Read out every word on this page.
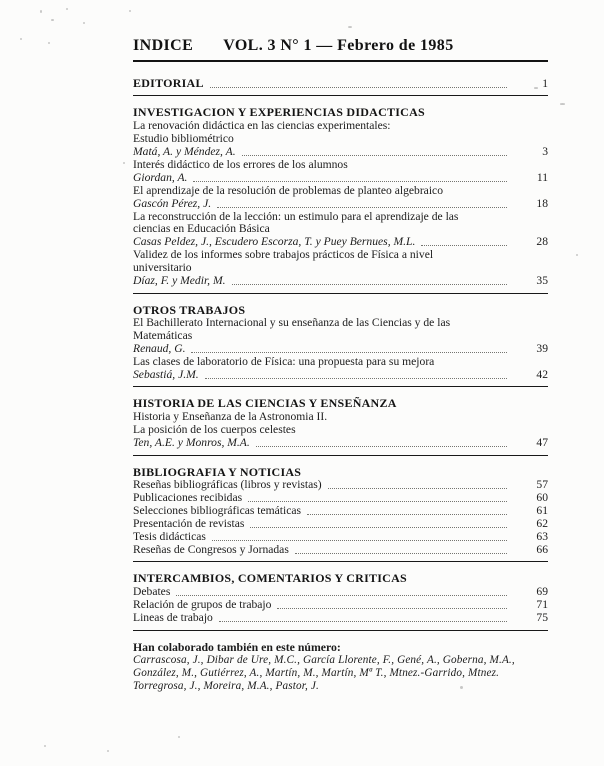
INDICE VOL. 3 N° 1 — Febrero de 1985
EDITORIAL	1
INVESTIGACION Y EXPERIENCIAS DIDACTICAS
La renovación didáctica en las ciencias experimentales:
Estudio bibliométrico
Matá, A. y Méndez, A.	3
Interés didáctico de los errores de los alumnos
Giordan, A.	11
El aprendizaje de la resolución de problemas de planteo algebraico
Gascón Pérez, J.	18
La reconstrucción de la lección: un estimulo para el aprendizaje de las
ciencias en Educación Básica
Casas Peldez, J., Escudero Escorza, T. y Puey Bernues, M.L.	28
Validez de los informes sobre trabajos prácticos de Física a nivel
universitario
Díaz, F. y Medir, M.	35
OTROS TRABAJOS
El Bachillerato Internacional y su enseñanza de las Ciencias y de las
Matemáticas
Renaud, G.	39
Las clases de laboratorio de Física: una propuesta para su mejora
Sebastiá, J.M.	42
HISTORIA DE LAS CIENCIAS Y ENSEÑANZA
Historia y Enseñanza de la Astronomia II.
La posición de los cuerpos celestes
Ten, A.E. y Monros, M.A.	47
BIBLIOGRAFIA Y NOTICIAS
Reseñas bibliográficas (libros y revistas)	57
Publicaciones recibidas	60
Selecciones bibliográficas temáticas	61
Presentación de revistas	62
Tesis didácticas	63
Reseñas de Congresos y Jornadas	66
INTERCAMBIOS, COMENTARIOS Y CRITICAS
Debates	69
Relación de grupos de trabajo	71
Lineas de trabajo	75
Han colaborado también en este número:
Carrascosa, J., Dibar de Ure, M.C., García Llorente, F., Gené, A., Goberna, M.A.,
González, M., Gutiérrez, A., Martín, M., Martín, Mª T., Mtnez.-Garrido, Mtnez.
Torregrosa, J., Moreira, M.A., Pastor, J.
